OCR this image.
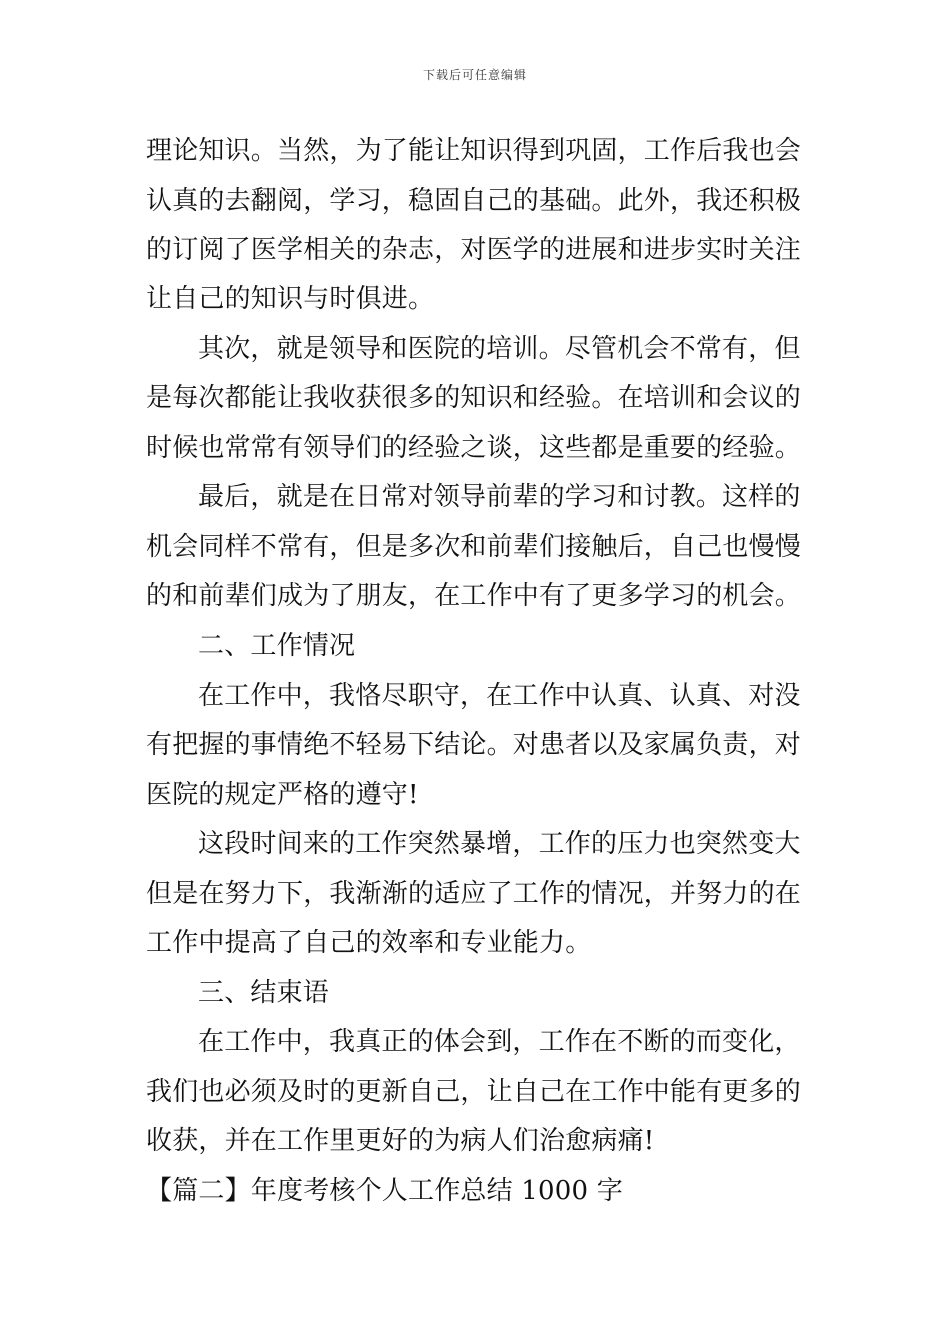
下载后可任意编辑
理论知识。当然，为了能让知识得到巩固，工作后我也会
认真的去翻阅，学习，稳固自己的基础。此外，我还积极
的订阅了医学相关的杂志，对医学的进展和进步实时关注
让自己的知识与时俱进。
其次，就是领导和医院的培训。尽管机会不常有，但
是每次都能让我收获很多的知识和经验。在培训和会议的
时候也常常有领导们的经验之谈，这些都是重要的经验。
最后，就是在日常对领导前辈的学习和讨教。这样的
机会同样不常有，但是多次和前辈们接触后，自己也慢慢
的和前辈们成为了朋友，在工作中有了更多学习的机会。
二、工作情况
在工作中，我恪尽职守，在工作中认真、认真、对没
有把握的事情绝不轻易下结论。对患者以及家属负责，对
医院的规定严格的遵守!
这段时间来的工作突然暴增，工作的压力也突然变大
但是在努力下，我渐渐的适应了工作的情况，并努力的在
工作中提高了自己的效率和专业能力。
三、结束语
在工作中，我真正的体会到，工作在不断的而变化，
我们也必须及时的更新自己，让自己在工作中能有更多的
收获，并在工作里更好的为病人们治愈病痛!
【篇二】年度考核个人工作总结 1000 字
